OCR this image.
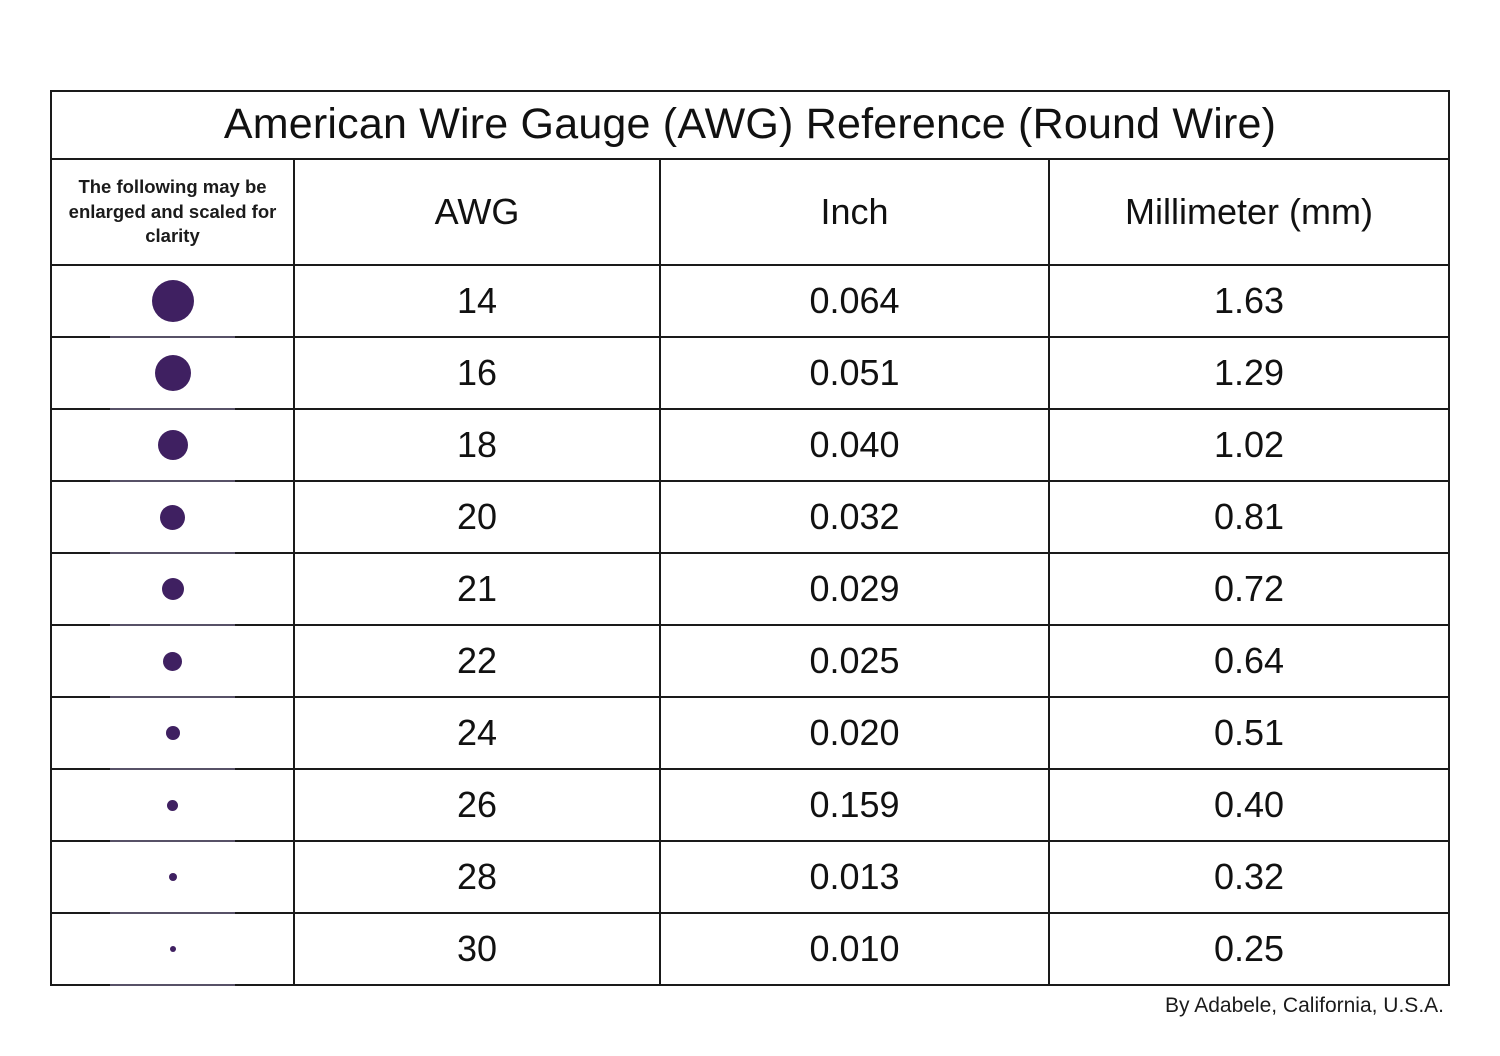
American Wire Gauge (AWG) Reference (Round Wire)			
The following may be enlarged and scaled for clarity	AWG	Inch	Millimeter (mm)

	14	0.064	1.63

	16	0.051	1.29

	18	0.040	1.02

	20	0.032	0.81

	21	0.029	0.72

	22	0.025	0.64

	24	0.020	0.51

	26	0.159	0.40

	28	0.013	0.32

	30	0.010	0.25
By Adabele, California, U.S.A.
